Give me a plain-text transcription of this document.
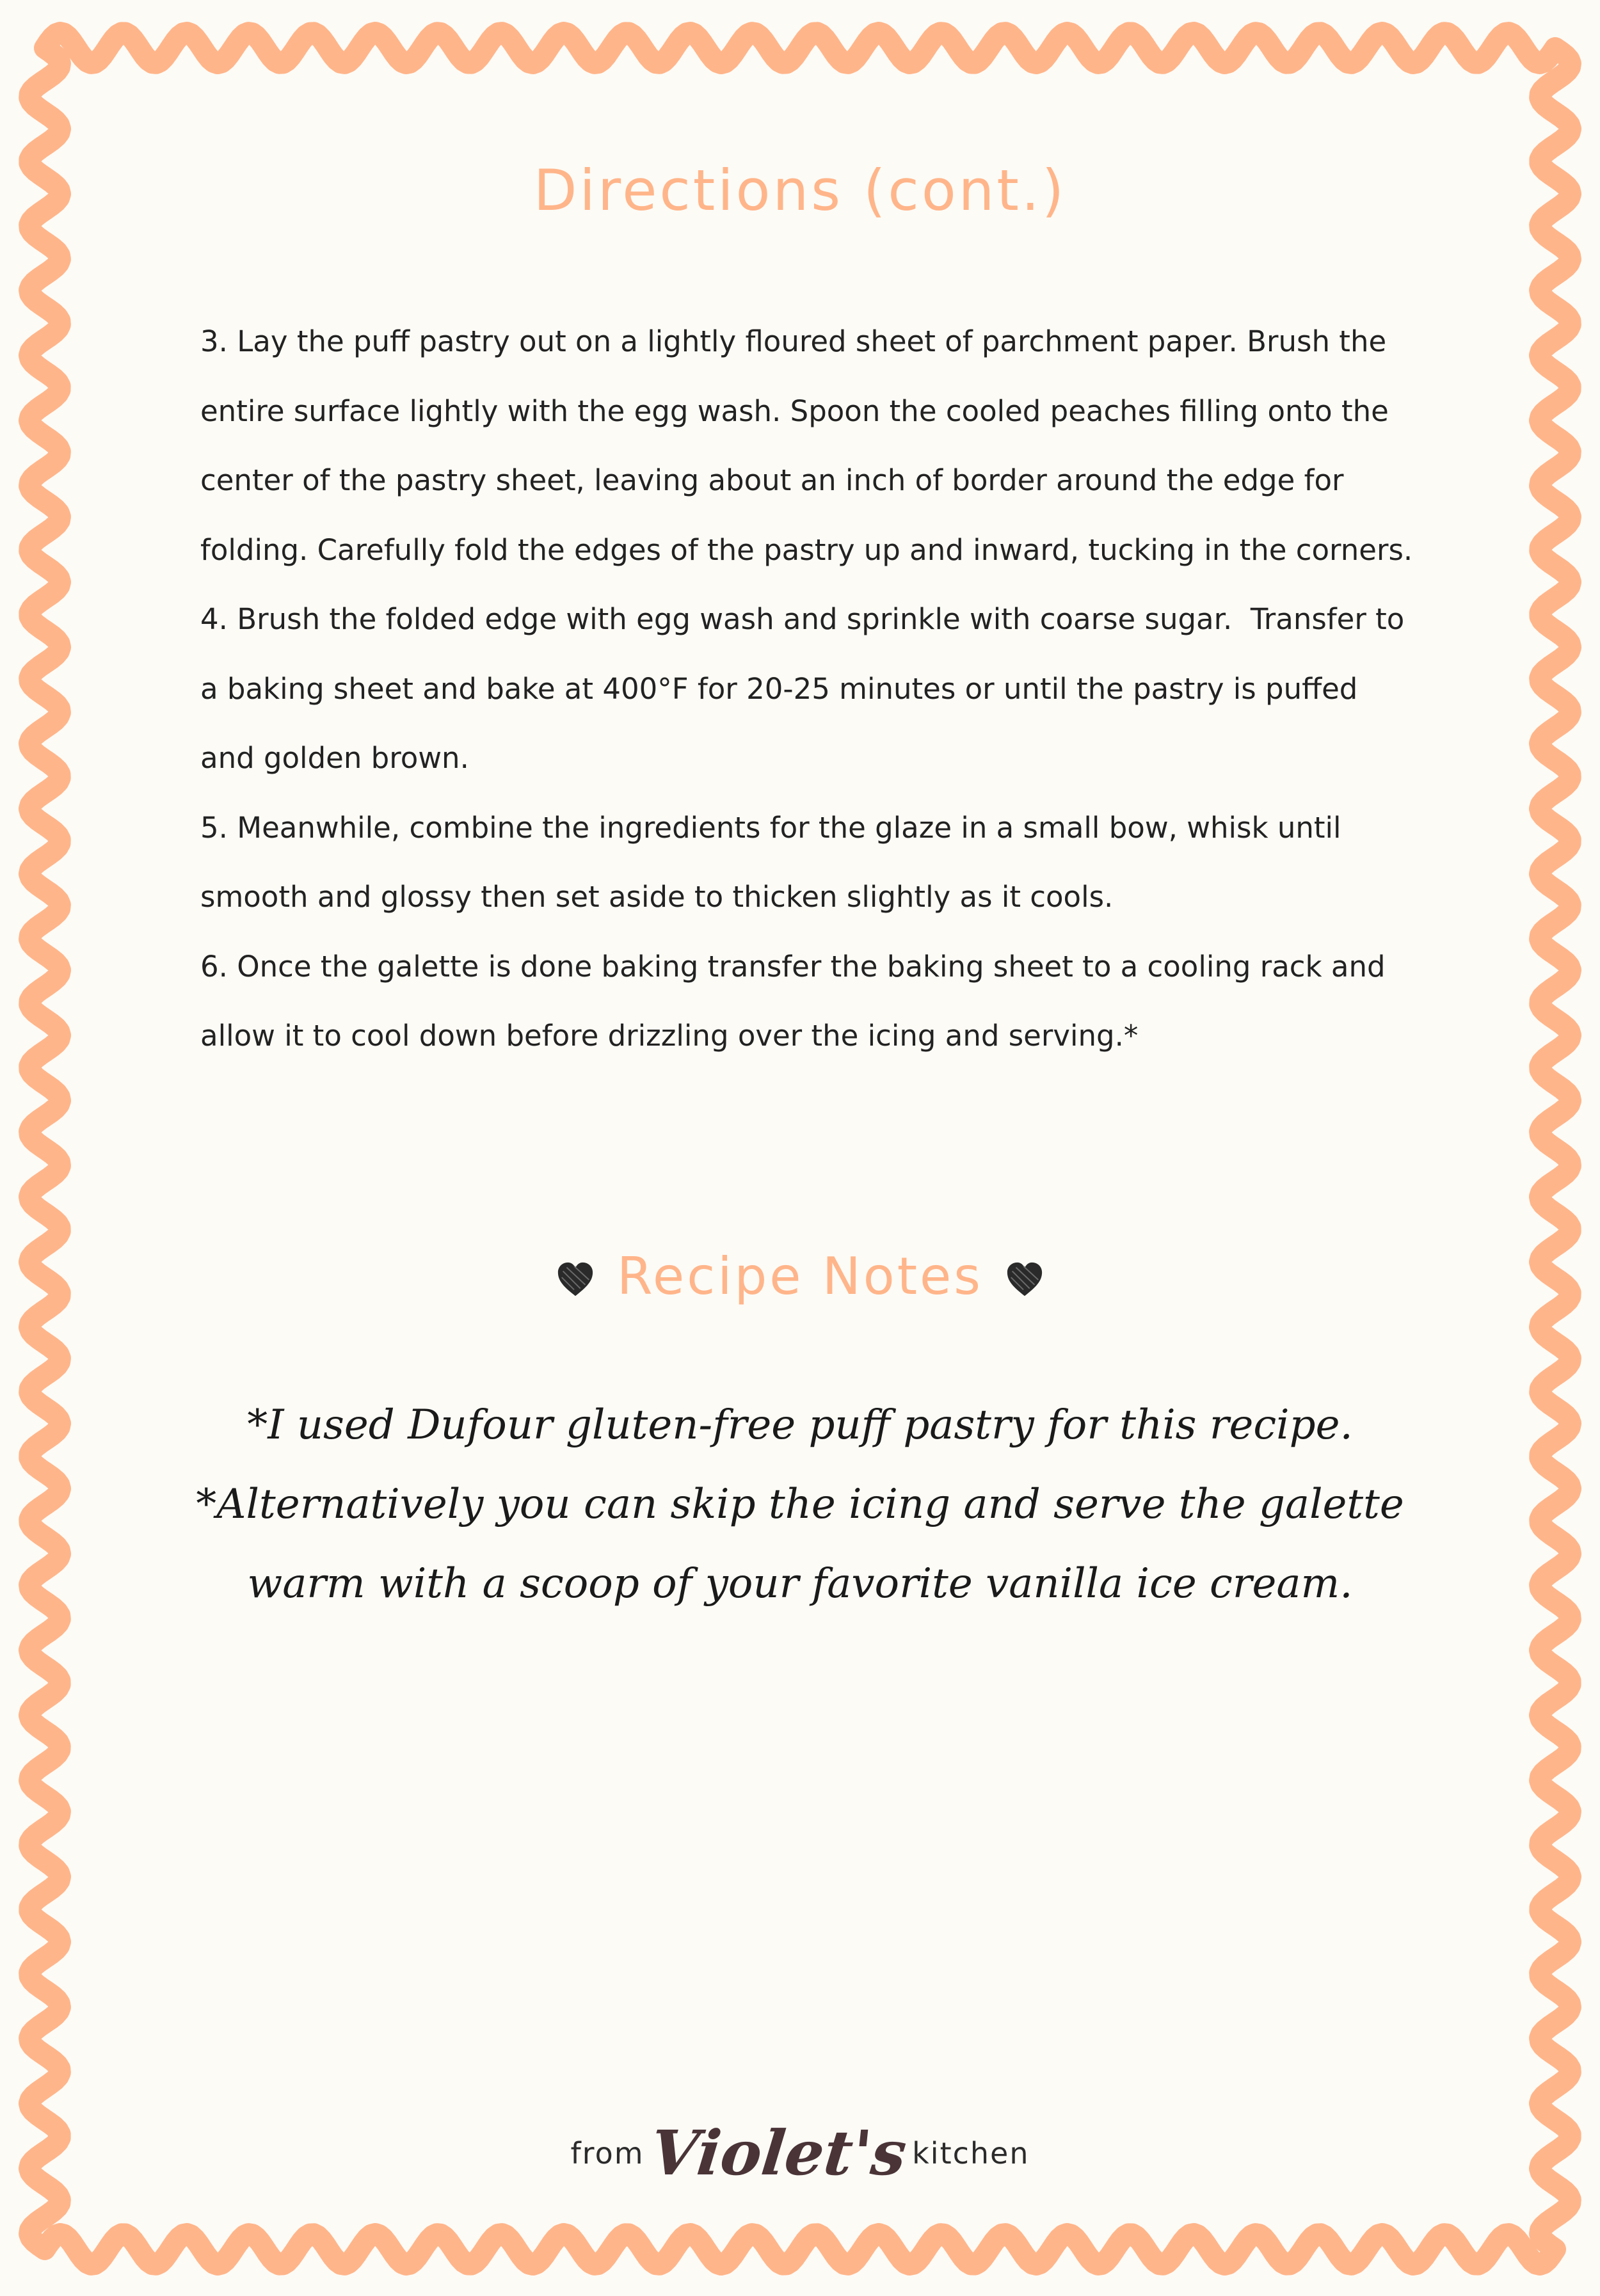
Directions (cont.)

3. Lay the puff pastry out on a lightly floured sheet of parchment paper. Brush the entire surface lightly with the egg wash. Spoon the cooled peaches filling onto the center of the pastry sheet, leaving about an inch of border around the edge for folding. Carefully fold the edges of the pastry up and inward, tucking in the corners.

4. Brush the folded edge with egg wash and sprinkle with coarse sugar.  Transfer to a baking sheet and bake at 400°F for 20-25 minutes or until the pastry is puffed and golden brown.

5. Meanwhile, combine the ingredients for the glaze in a small bow, whisk until smooth and glossy then set aside to thicken slightly as it cools.

6. Once the galette is done baking transfer the baking sheet to a cooling rack and allow it to cool down before drizzling over the icing and serving.*

Recipe Notes

*I used Dufour gluten-free puff pastry for this recipe.

*Alternatively you can skip the icing and serve the galette warm with a scoop of your favorite vanilla ice cream.

from Violet's kitchen
